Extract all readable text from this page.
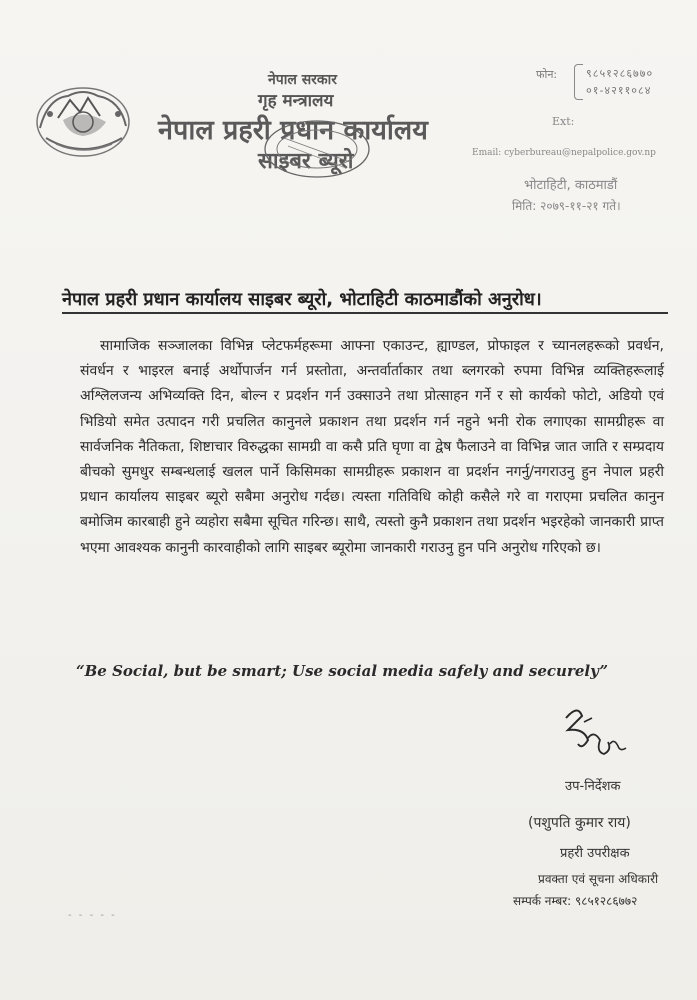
नेपाल सरकार
गृह मन्त्रालय
नेपाल प्रहरी प्रधान कार्यालय
साइबर ब्यूरो
फोन:	९८५१२८६७७०
०१-४२११०८४
Ext:
Email: cyberbureau@nepalpolice.gov.np
भोटाहिटी, काठमाडौं
मिति: २०७९-११-२१ गते।
नेपाल प्रहरी प्रधान कार्यालय साइबर ब्यूरो, भोटाहिटी काठमाडौंको अनुरोध।
सामाजिक सञ्जालका विभिन्न प्लेटफर्महरूमा आफ्ना एकाउन्ट, ह्याण्डल, प्रोफाइल र च्यानलहरूको प्रवर्धन, संवर्धन र भाइरल बनाई अर्थोपार्जन गर्न प्रस्तोता, अन्तर्वार्ताकार तथा ब्लगरको रुपमा विभिन्न व्यक्तिहरूलाई अश्लिलजन्य अभिव्यक्ति दिन, बोल्न र प्रदर्शन गर्न उक्साउने तथा प्रोत्साहन गर्ने र सो कार्यको फोटो, अडियो एवं भिडियो समेत उत्पादन गरी प्रचलित कानुनले प्रकाशन तथा प्रदर्शन गर्न नहुने भनी रोक लगाएका सामग्रीहरू वा सार्वजनिक नैतिकता, शिष्टाचार विरुद्धका सामग्री वा कसै प्रति घृणा वा द्वेष फैलाउने वा विभिन्न जात जाति र सम्प्रदाय बीचको सुमधुर सम्बन्धलाई खलल पार्ने किसिमका सामग्रीहरू प्रकाशन वा प्रदर्शन नगर्नु/नगराउनु हुन नेपाल प्रहरी प्रधान कार्यालय साइबर ब्यूरो सबैमा अनुरोध गर्दछ। त्यस्ता गतिविधि कोही कसैले गरे वा गराएमा प्रचलित कानुन बमोजिम कारबाही हुने व्यहोरा सबैमा सूचित गरिन्छ। साथै, त्यस्तो कुनै प्रकाशन तथा प्रदर्शन भइरहेको जानकारी प्राप्त भएमा आवश्यक कानुनी कारवाहीको लागि साइबर ब्यूरोमा जानकारी गराउनु हुन पनि अनुरोध गरिएको छ।
“Be Social, but be smart; Use social media safely and securely”
उप-निर्देशक
(पशुपति कुमार राय)
प्रहरी उपरीक्षक
प्रवक्ता एवं सूचना अधिकारी
सम्पर्क नम्बर: ९८५१२८६७७२
- - - - -
